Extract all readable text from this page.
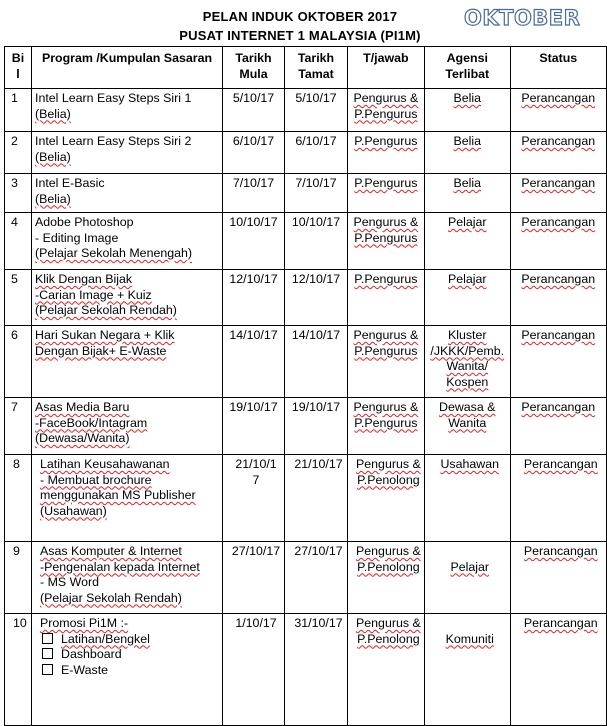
PELAN INDUK OKTOBER 2017
PUSAT INTERNET 1 MALAYSIA (PI1M)
OKTOBER
Bi
l	Program /Kumpulan Sasaran	Tarikh
Mula	Tarikh
Tamat	T/jawab	Agensi
Terlibat	Status
1	Intel Learn Easy Steps Siri 1
(Belia)	5/10/17	5/10/17	Pengurus &
P.Pengurus	Belia	Perancangan
2	Intel Learn Easy Steps Siri 2
(Belia)	6/10/17	6/10/17	P.Pengurus	Belia	Perancangan
3	Intel E-Basic
(Belia)	7/10/17	7/10/17	P.Pengurus	Belia	Perancangan
4	Adobe Photoshop
- Editing Image
(Pelajar Sekolah Menengah)	10/10/17	10/10/17	Pengurus &
P.Pengurus	Pelajar	Perancangan
5	Klik Dengan Bijak
-Carian Image + Kuiz
(Pelajar Sekolah Rendah)	12/10/17	12/10/17	P.Pengurus	Pelajar	Perancangan
6	Hari Sukan Negara + Klik
Dengan Bijak+ E-Waste	14/10/17	14/10/17	Pengurus &
P.Pengurus	Kluster
/JKKK/Pemb.
Wanita/
Kospen	Perancangan
7	Asas Media Baru
-FaceBook/Intagram
(Dewasa/Wanita)	19/10/17	19/10/17	Pengurus &
P.Pengurus	Dewasa &
Wanita	Perancangan
8	Latihan Keusahawanan
- Membuat brochure
menggunakan MS Publisher
(Usahawan)	21/10/1 7	21/10/17	Pengurus &
P.Penolong	Usahawan	Perancangan
9	Asas Komputer & Internet
-Pengenalan kepada Internet
- MS Word
(Pelajar Sekolah Rendah)	27/10/17	27/10/17	Pengurus &
P.Penolong	Pelajar	Perancangan
10	Promosi Pi1M :-
Latihan/Bengkel
Dashboard
E-Waste	1/10/17	31/10/17	Pengurus &
P.Penolong	Komuniti	Perancangan
